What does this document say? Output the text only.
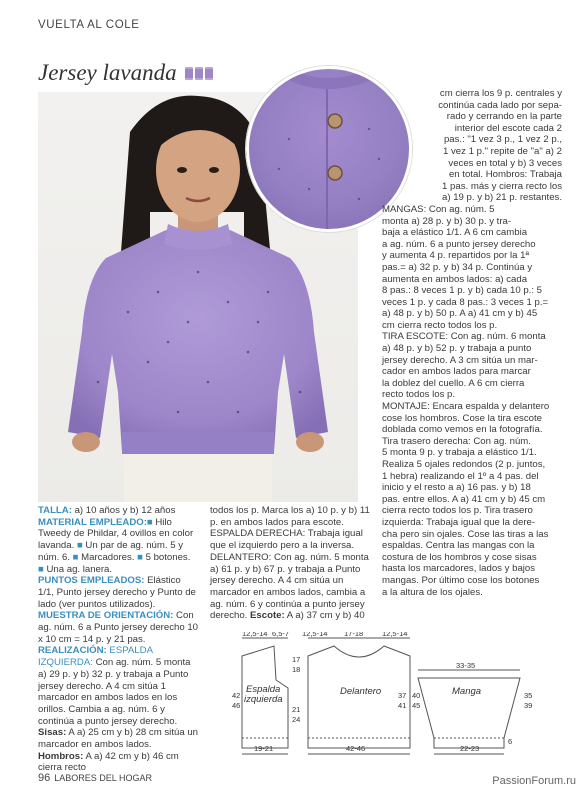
VUELTA AL COLE
Jersey lavanda

cm cierra los 9 p. centrales y

continúa cada lado por sepa-

rado y cerrando en la parte

interior del escote cada 2

pas.: "1 vez 3 p., 1 vez 2 p.,

1 vez 1 p." repite de "a" a) 2

veces en total y b) 3 veces

en total. Hombros: Trabaja

1 pas. más y cierra recto los

a) 19 p. y b) 21 p. restantes.

MANGAS: Con ag. núm. 5

monta a) 28 p. y b) 30 p. y tra-

baja a elástico 1/1. A 6 cm cambia

a ag. núm. 6 a punto jersey derecho

y aumenta 4 p. repartidos por la 1ª

pas.= a) 32 p. y b) 34 p. Continúa y

aumenta en ambos lados: a) cada

8 pas.: 8 veces 1 p. y b) cada 10 p.: 5

veces 1 p. y cada 8 pas.: 3 veces 1 p.=

a) 48 p. y b) 50 p. A a) 41 cm y b) 45

cm cierra recto todos los p.

TIRA ESCOTE: Con ag. núm. 6 monta

a) 48 p. y b) 52 p. y trabaja a punto

jersey derecho. A 3 cm sitúa un mar-

cador en ambos lados para marcar

la doblez del cuello. A 6 cm cierra

recto todos los p.

MONTAJE: Encara espalda y delantero

cose los hombros. Cose la tira escote

doblada como vemos en la fotografía.

Tira trasero derecha: Con ag. núm.

5 monta 9 p. y trabaja a elástico 1/1.

Realiza 5 ojales redondos (2 p. juntos,

1 hebra) realizando el 1º a 4 pas. del

inicio y el resto a a) 16 pas. y b) 18

pas. entre ellos. A a) 41 cm y b) 45 cm

cierra recto todos los p. Tira trasero

izquierda: Trabaja igual que la dere-

cha pero sin ojales. Cose las tiras a las

espaldas. Centra las mangas con la

costura de los hombros y cose sisas

hasta los marcadores, lados y bajos

mangas. Por último cose los botones

a la altura de los ojales.

TALLA: a) 10 años y b) 12 años

MATERIAL EMPLEADO:■ Hilo Tweedy de Phildar, 4 ovillos en color lavanda. ■ Un par de ag. núm. 5 y núm. 6. ■ Marcadores. ■ 5 botones. ■ Una ag. lanera.

PUNTOS EMPLEADOS: Elástico 1/1, Punto jersey derecho y Punto de lado (ver puntos utilizados).

MUESTRA DE ORIENTACIÓN: Con ag. núm. 6 a Punto jersey derecho 10 x 10 cm = 14 p. y 21 pas.

REALIZACIÓN: ESPALDA IZQUIERDA: Con ag. núm. 5 monta a) 29 p. y b) 32 p. y trabaja a Punto jersey derecho. A 4 cm sitúa 1 marcador en ambos lados en los orillos. Cambia a ag. núm. 6 y continúa a punto jersey derecho. Sisas: A a) 25 cm y b) 28 cm sitúa un marcador en ambos lados. Hombros: A a) 42 cm y b) 46 cm cierra recto

todos los p. Marca los a) 10 p. y b) 11 p. en ambos lados para escote.

ESPALDA DERECHA: Trabaja igual que el izquierdo pero a la inversa.

DELANTERO: Con ag. núm. 5 monta a) 61 p. y b) 67 p. y trabaja a Punto jersey derecho. A 4 cm sitúa un marcador en ambos lados, cambia a ag. núm. 6 y continúa a punto jersey derecho. Escote: A a) 37 cm y b) 40

12,5-14 6,5-7 12,5-14 17-18	12,5-14
33-35
17
18
21
24
42
46
37
41
40
45
35
39
6
19-21	42-46	22-23
Espalda
izquierda
Delantero	Manga
96 LABORES DEL HOGAR	PassionForum.ru
